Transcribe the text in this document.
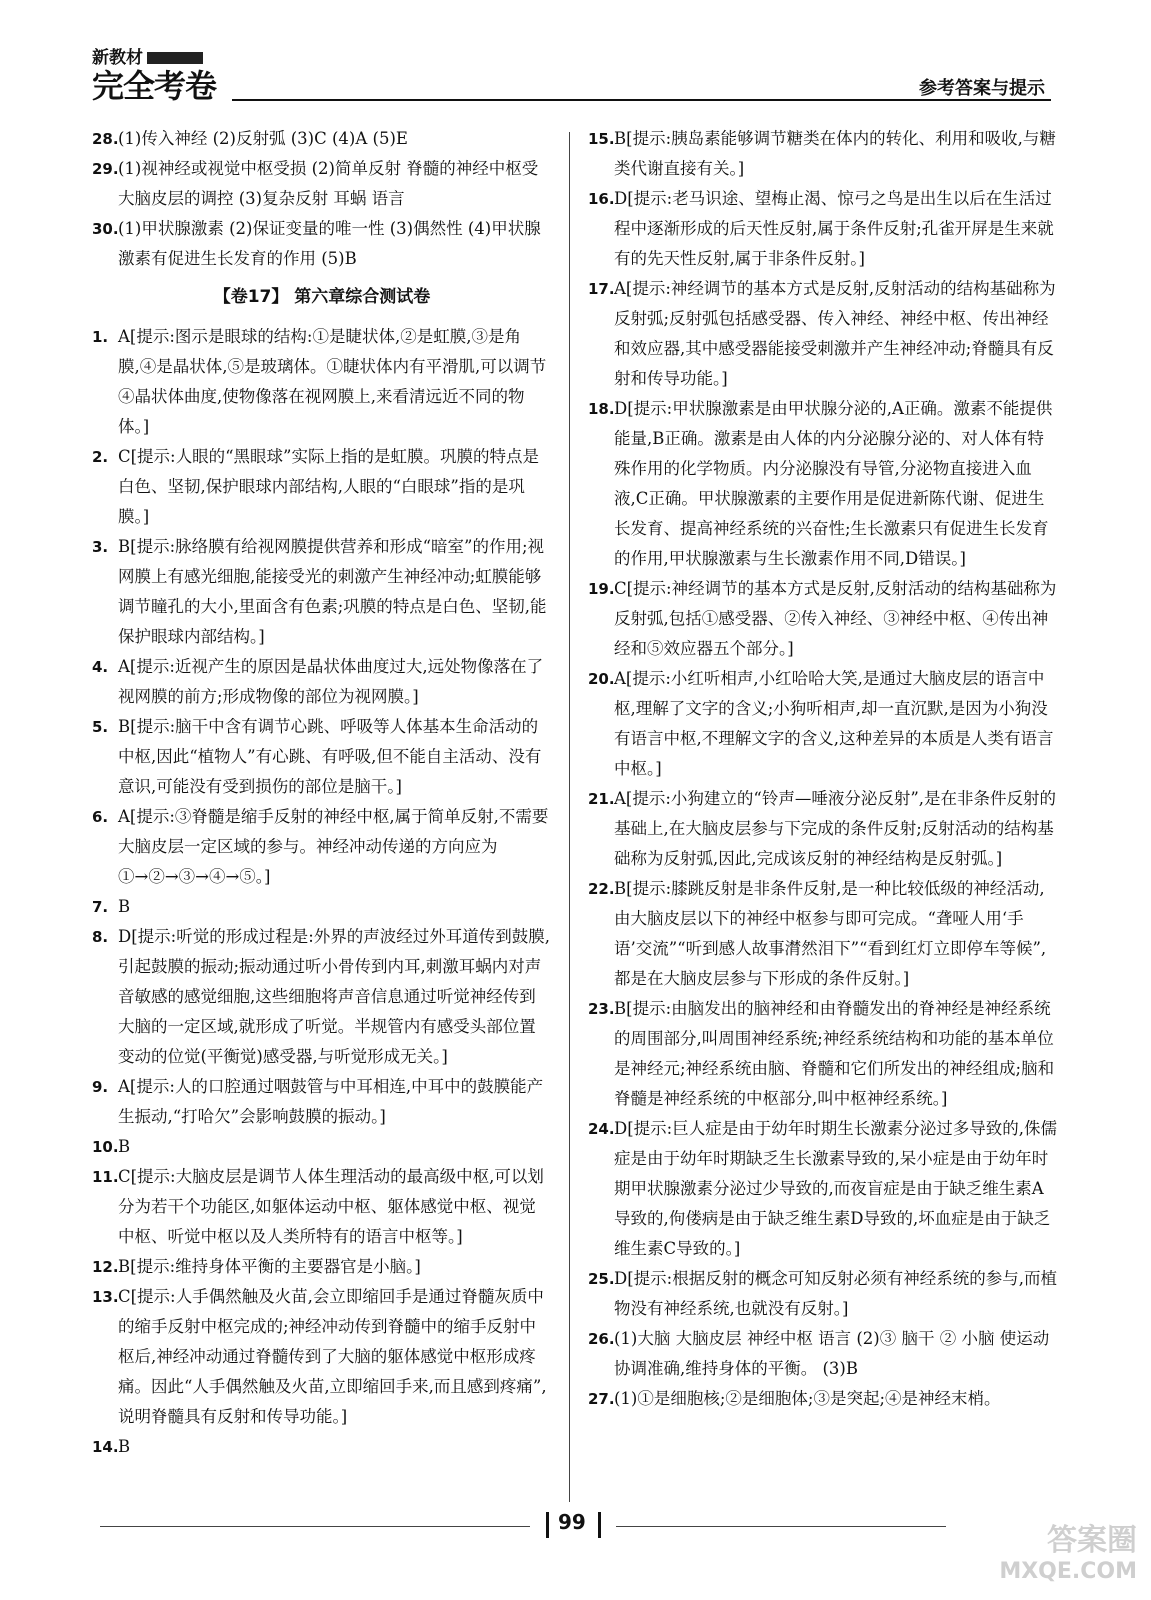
新教材
完全考卷	参考答案与提示
28. (1)传入神经 (2)反射弧 (3)C (4)A (5)E
29. (1)视神经或视觉中枢受损 (2)简单反射 脊髓的神经中枢受大脑皮层的调控 (3)复杂反射 耳蜗 语言
30. (1)甲状腺激素 (2)保证变量的唯一性 (3)偶然性 (4)甲状腺激素有促进生长发育的作用 (5)B
【卷17】 第六章综合测试卷
1. A[提示:图示是眼球的结构:①是睫状体,②是虹膜,③是角膜,④是晶状体,⑤是玻璃体。①睫状体内有平滑肌,可以调节④晶状体曲度,使物像落在视网膜上,来看清远近不同的物体。]
2. C[提示:人眼的“黑眼球”实际上指的是虹膜。巩膜的特点是白色、坚韧,保护眼球内部结构,人眼的“白眼球”指的是巩膜。]
3. B[提示:脉络膜有给视网膜提供营养和形成“暗室”的作用;视网膜上有感光细胞,能接受光的刺激产生神经冲动;虹膜能够调节瞳孔的大小,里面含有色素;巩膜的特点是白色、坚韧,能保护眼球内部结构。]
4. A[提示:近视产生的原因是晶状体曲度过大,远处物像落在了视网膜的前方;形成物像的部位为视网膜。]
5. B[提示:脑干中含有调节心跳、呼吸等人体基本生命活动的中枢,因此“植物人”有心跳、有呼吸,但不能自主活动、没有意识,可能没有受到损伤的部位是脑干。]
6. A[提示:③脊髓是缩手反射的神经中枢,属于简单反射,不需要大脑皮层一定区域的参与。神经冲动传递的方向应为①→②→③→④→⑤。]
7. B
8. D[提示:听觉的形成过程是:外界的声波经过外耳道传到鼓膜,引起鼓膜的振动;振动通过听小骨传到内耳,刺激耳蜗内对声音敏感的感觉细胞,这些细胞将声音信息通过听觉神经传到大脑的一定区域,就形成了听觉。半规管内有感受头部位置变动的位觉(平衡觉)感受器,与听觉形成无关。]
9. A[提示:人的口腔通过咽鼓管与中耳相连,中耳中的鼓膜能产生振动,“打哈欠”会影响鼓膜的振动。]
10. B
11. C[提示:大脑皮层是调节人体生理活动的最高级中枢,可以划分为若干个功能区,如躯体运动中枢、躯体感觉中枢、视觉中枢、听觉中枢以及人类所特有的语言中枢等。]
12. B[提示:维持身体平衡的主要器官是小脑。]
13. C[提示:人手偶然触及火苗,会立即缩回手是通过脊髓灰质中的缩手反射中枢完成的;神经冲动传到脊髓中的缩手反射中枢后,神经冲动通过脊髓传到了大脑的躯体感觉中枢形成疼痛。因此“人手偶然触及火苗,立即缩回手来,而且感到疼痛”,说明脊髓具有反射和传导功能。]
14. B
15. B[提示:胰岛素能够调节糖类在体内的转化、利用和吸收,与糖类代谢直接有关。]
16. D[提示:老马识途、望梅止渴、惊弓之鸟是出生以后在生活过程中逐渐形成的后天性反射,属于条件反射;孔雀开屏是生来就有的先天性反射,属于非条件反射。]
17. A[提示:神经调节的基本方式是反射,反射活动的结构基础称为反射弧;反射弧包括感受器、传入神经、神经中枢、传出神经和效应器,其中感受器能接受刺激并产生神经冲动;脊髓具有反射和传导功能。]
18. D[提示:甲状腺激素是由甲状腺分泌的,A正确。激素不能提供能量,B正确。激素是由人体的内分泌腺分泌的、对人体有特殊作用的化学物质。内分泌腺没有导管,分泌物直接进入血液,C正确。甲状腺激素的主要作用是促进新陈代谢、促进生长发育、提高神经系统的兴奋性;生长激素只有促进生长发育的作用,甲状腺激素与生长激素作用不同,D错误。]
19. C[提示:神经调节的基本方式是反射,反射活动的结构基础称为反射弧,包括①感受器、②传入神经、③神经中枢、④传出神经和⑤效应器五个部分。]
20. A[提示:小红听相声,小红哈哈大笑,是通过大脑皮层的语言中枢,理解了文字的含义;小狗听相声,却一直沉默,是因为小狗没有语言中枢,不理解文字的含义,这种差异的本质是人类有语言中枢。]
21. A[提示:小狗建立的“铃声—唾液分泌反射”,是在非条件反射的基础上,在大脑皮层参与下完成的条件反射;反射活动的结构基础称为反射弧,因此,完成该反射的神经结构是反射弧。]
22. B[提示:膝跳反射是非条件反射,是一种比较低级的神经活动,由大脑皮层以下的神经中枢参与即可完成。“聋哑人用‘手语’交流”“听到感人故事潸然泪下”“看到红灯立即停车等候”,都是在大脑皮层参与下形成的条件反射。]
23. B[提示:由脑发出的脑神经和由脊髓发出的脊神经是神经系统的周围部分,叫周围神经系统;神经系统结构和功能的基本单位是神经元;神经系统由脑、脊髓和它们所发出的神经组成;脑和脊髓是神经系统的中枢部分,叫中枢神经系统。]
24. D[提示:巨人症是由于幼年时期生长激素分泌过多导致的,侏儒症是由于幼年时期缺乏生长激素导致的,呆小症是由于幼年时期甲状腺激素分泌过少导致的,而夜盲症是由于缺乏维生素A导致的,佝偻病是由于缺乏维生素D导致的,坏血症是由于缺乏维生素C导致的。]
25. D[提示:根据反射的概念可知反射必须有神经系统的参与,而植物没有神经系统,也就没有反射。]
26. (1)大脑 大脑皮层 神经中枢 语言 (2)③ 脑干 ② 小脑 使运动协调准确,维持身体的平衡。 (3)B
27. (1)①是细胞核;②是细胞体;③是突起;④是神经末梢。
99
答案圈
MXQE.COM
